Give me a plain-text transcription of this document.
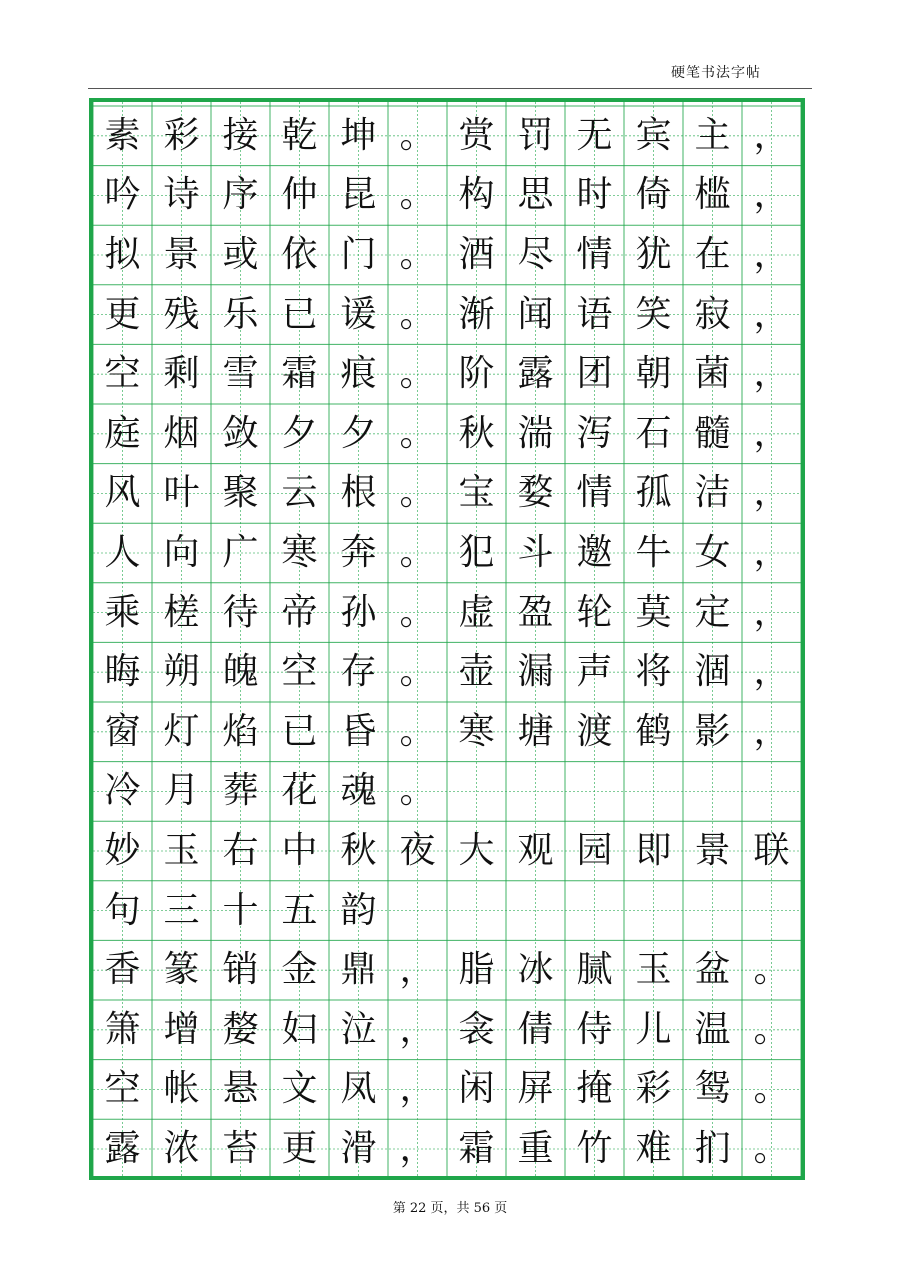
硬笔书法字帖
素 彩 接 乾 坤 。 赏 罚 无 宾 主 ，
吟 诗 序 仲 昆 。 构 思 时 倚 槛 ，
拟 景 或 依 门 。 酒 尽 情 犹 在 ，
更 残 乐 已 谖 。 渐 闻 语 笑 寂 ，
空 剩 雪 霜 痕 。 阶 露 团 朝 菌 ，
庭 烟 敛 夕 夕 。 秋 湍 泻 石 髓 ，
风 叶 聚 云 根 。 宝 婺 情 孤 洁 ，
人 向 广 寒 奔 。 犯 斗 邀 牛 女 ，
乘 槎 待 帝 孙 。 虚 盈 轮 莫 定 ，
晦 朔 魄 空 存 。 壶 漏 声 将 涸 ，
窗 灯 焰 已 昏 。 寒 塘 渡 鹤 影 ，
冷 月 葬 花 魂 。
妙 玉 右 中 秋 夜 大 观 园 即 景 联
句 三 十 五 韵
香 篆 销 金 鼎 ， 脂 冰 腻 玉 盆 。
箫 增 嫠 妇 泣 ， 衾 倩 侍 儿 温 。
空 帐 悬 文 凤 ， 闲 屏 掩 彩 鸳 。
露 浓 苔 更 滑 ， 霜 重 竹 难 扪 。
第 22 页，共 56 页
